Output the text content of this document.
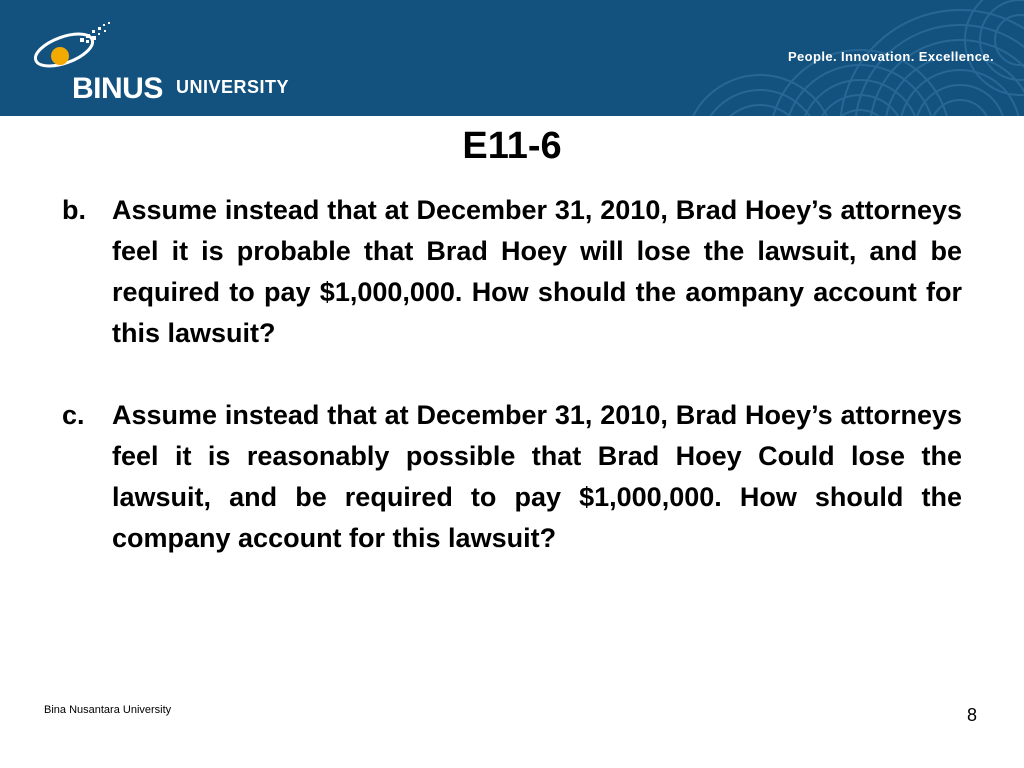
BINUS UNIVERSITY
People. Innovation. Excellence.
E11-6
b. Assume instead that at December 31, 2010, Brad Hoey’s attorneys feel it is probable that Brad Hoey will lose the lawsuit, and be required to pay $1,000,000. How should the aompany account for this lawsuit?
c. Assume instead that at December 31, 2010, Brad Hoey’s attorneys feel it is reasonably possible that Brad Hoey Could lose the lawsuit, and be required to pay $1,000,000. How should the company account for this lawsuit?
Bina Nusantara University	8
